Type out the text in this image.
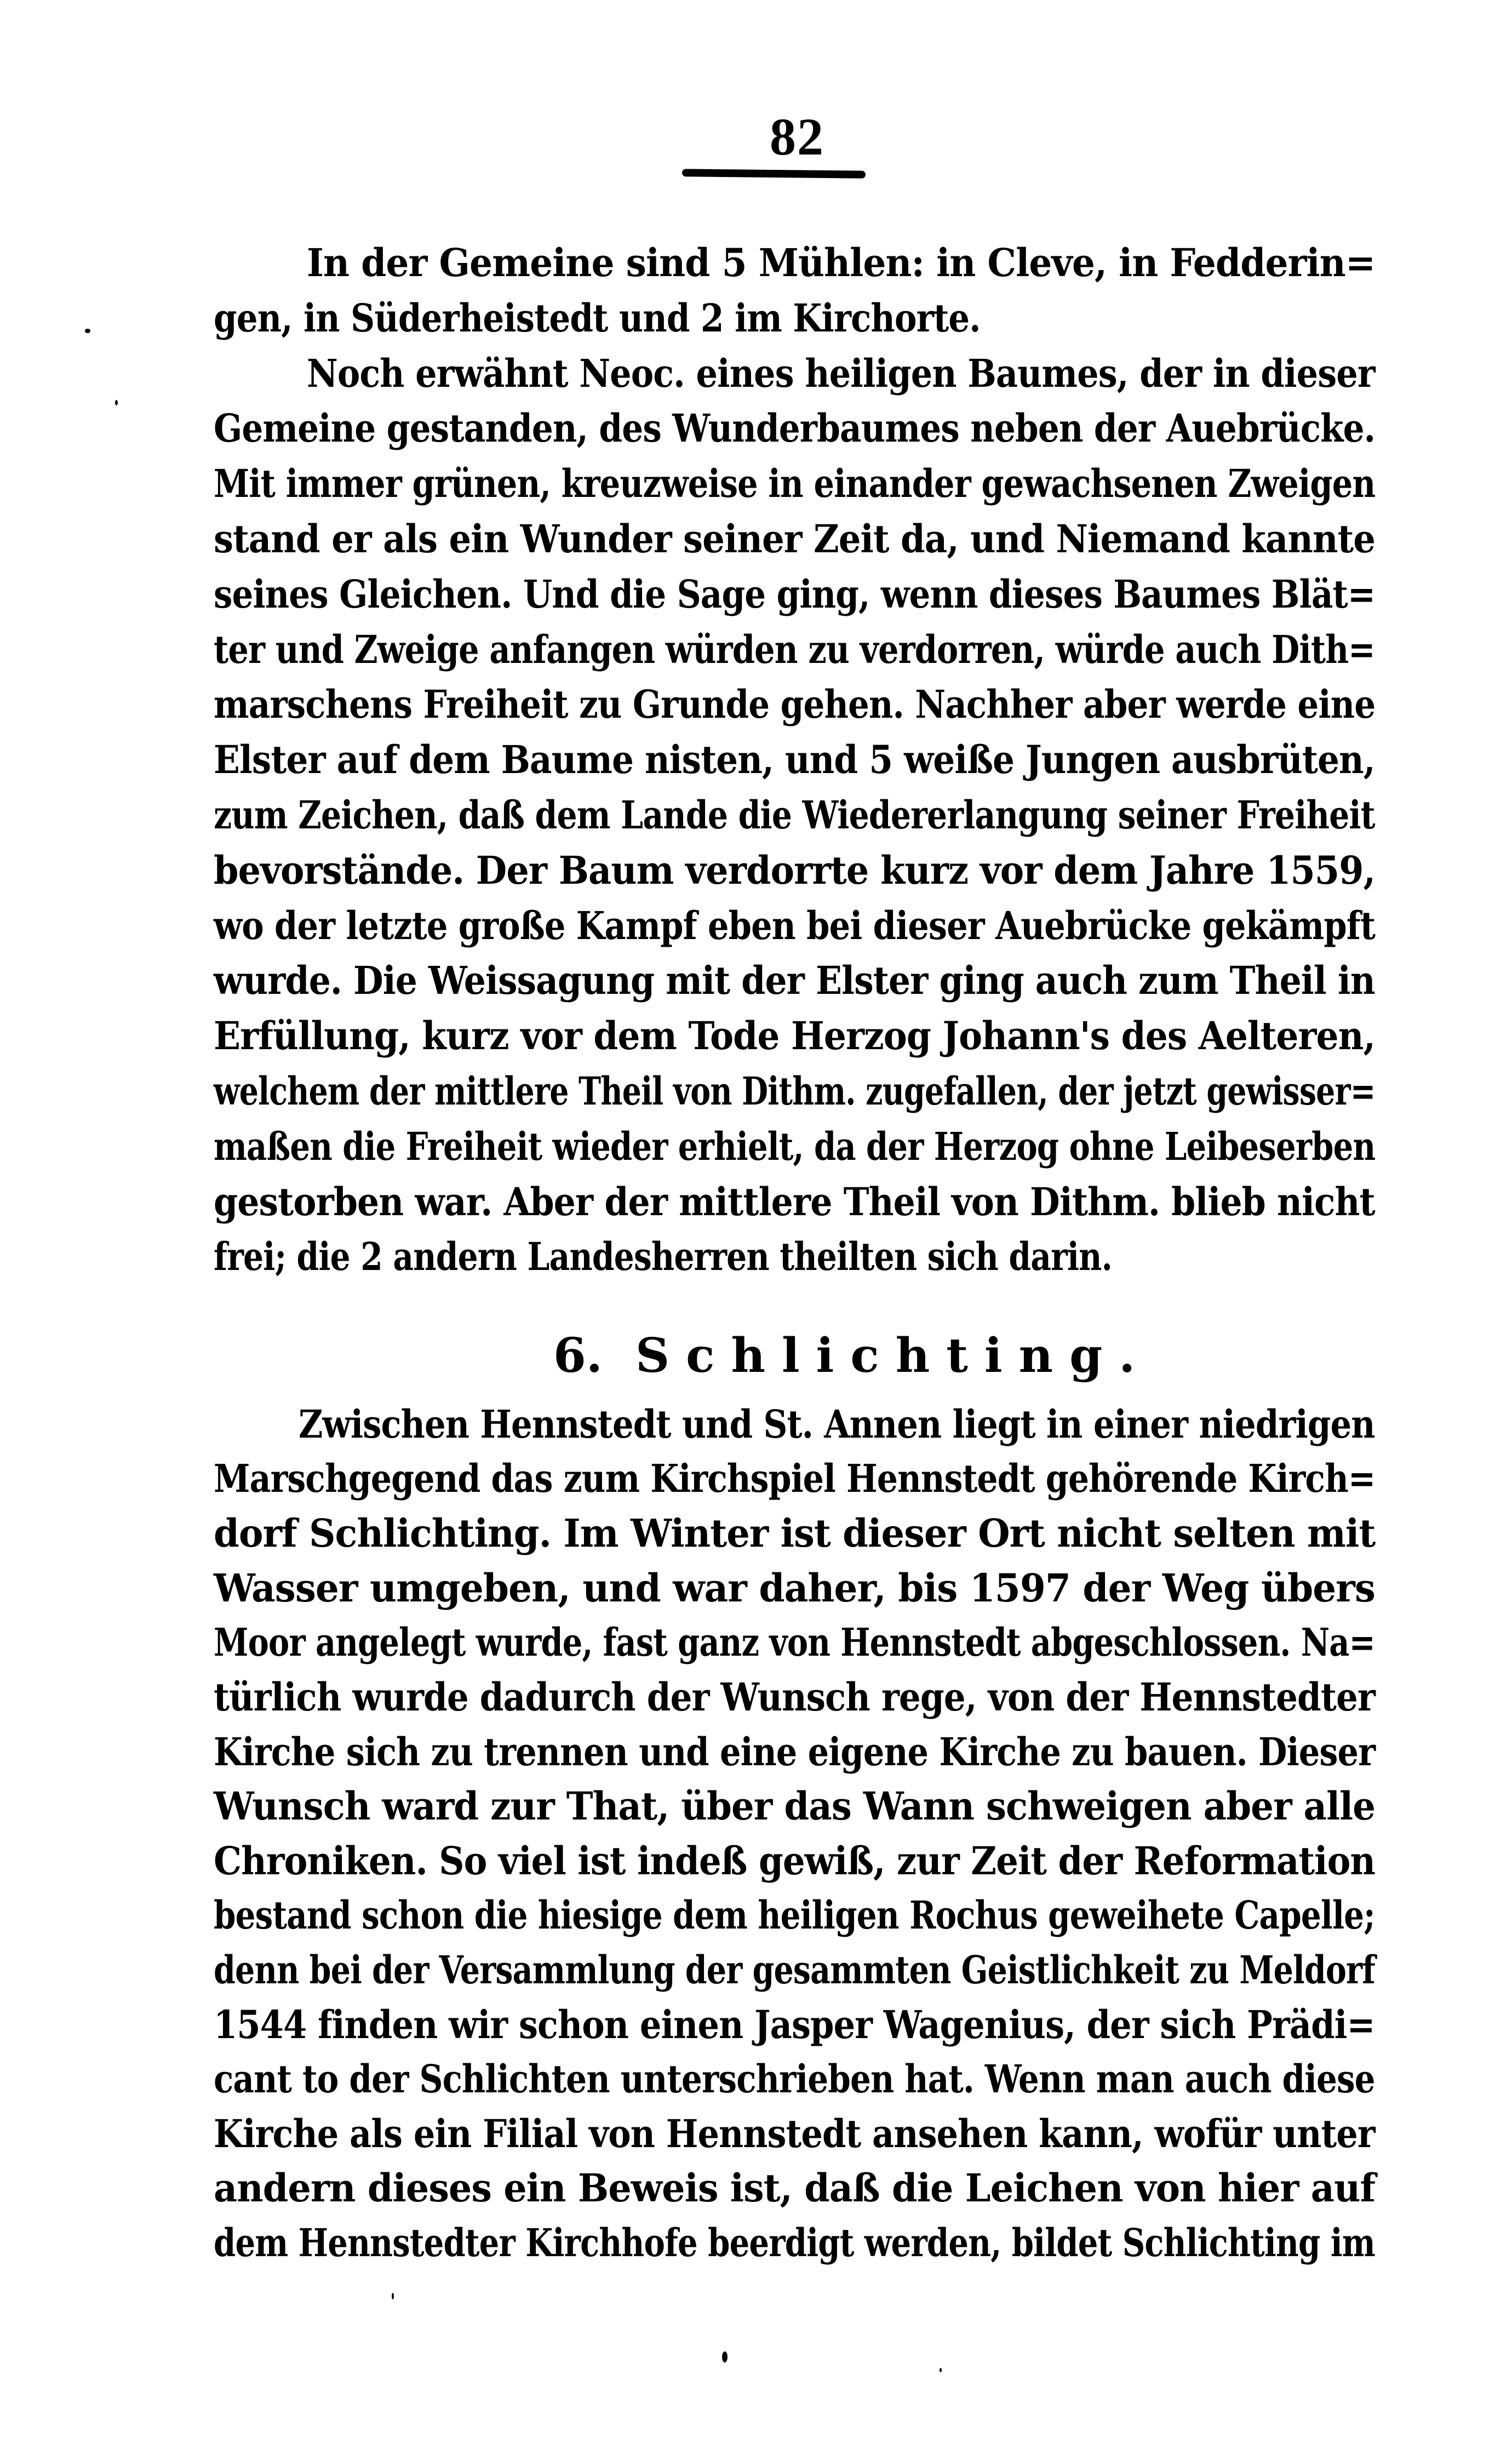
82
In der Gemeine sind 5 Mühlen: in Cleve, in Fedderin=
gen, in Süderheistedt und 2 im Kirchorte.
Noch erwähnt Neoc. eines heiligen Baumes, der in dieser
Gemeine gestanden, des Wunderbaumes neben der Auebrücke.
Mit immer grünen, kreuzweise in einander gewachsenen Zweigen
stand er als ein Wunder seiner Zeit da, und Niemand kannte
seines Gleichen. Und die Sage ging, wenn dieses Baumes Blät=
ter und Zweige anfangen würden zu verdorren, würde auch Dith=
marschens Freiheit zu Grunde gehen. Nachher aber werde eine
Elster auf dem Baume nisten, und 5 weiße Jungen ausbrüten,
zum Zeichen, daß dem Lande die Wiedererlangung seiner Freiheit
bevorstände. Der Baum verdorrte kurz vor dem Jahre 1559,
wo der letzte große Kampf eben bei dieser Auebrücke gekämpft
wurde. Die Weissagung mit der Elster ging auch zum Theil in
Erfüllung, kurz vor dem Tode Herzog Johann's des Aelteren,
welchem der mittlere Theil von Dithm. zugefallen, der jetzt gewisser=
maßen die Freiheit wieder erhielt, da der Herzog ohne Leibeserben
gestorben war. Aber der mittlere Theil von Dithm. blieb nicht
frei; die 2 andern Landesherren theilten sich darin.
6. Schlichting.
Zwischen Hennstedt und St. Annen liegt in einer niedrigen
Marschgegend das zum Kirchspiel Hennstedt gehörende Kirch=
dorf Schlichting. Im Winter ist dieser Ort nicht selten mit
Wasser umgeben, und war daher, bis 1597 der Weg übers
Moor angelegt wurde, fast ganz von Hennstedt abgeschlossen. Na=
türlich wurde dadurch der Wunsch rege, von der Hennstedter
Kirche sich zu trennen und eine eigene Kirche zu bauen. Dieser
Wunsch ward zur That, über das Wann schweigen aber alle
Chroniken. So viel ist indeß gewiß, zur Zeit der Reformation
bestand schon die hiesige dem heiligen Rochus geweihete Capelle;
denn bei der Versammlung der gesammten Geistlichkeit zu Meldorf
1544 finden wir schon einen Jasper Wagenius, der sich Prädi=
cant to der Schlichten unterschrieben hat. Wenn man auch diese
Kirche als ein Filial von Hennstedt ansehen kann, wofür unter
andern dieses ein Beweis ist, daß die Leichen von hier auf
dem Hennstedter Kirchhofe beerdigt werden, bildet Schlichting im
